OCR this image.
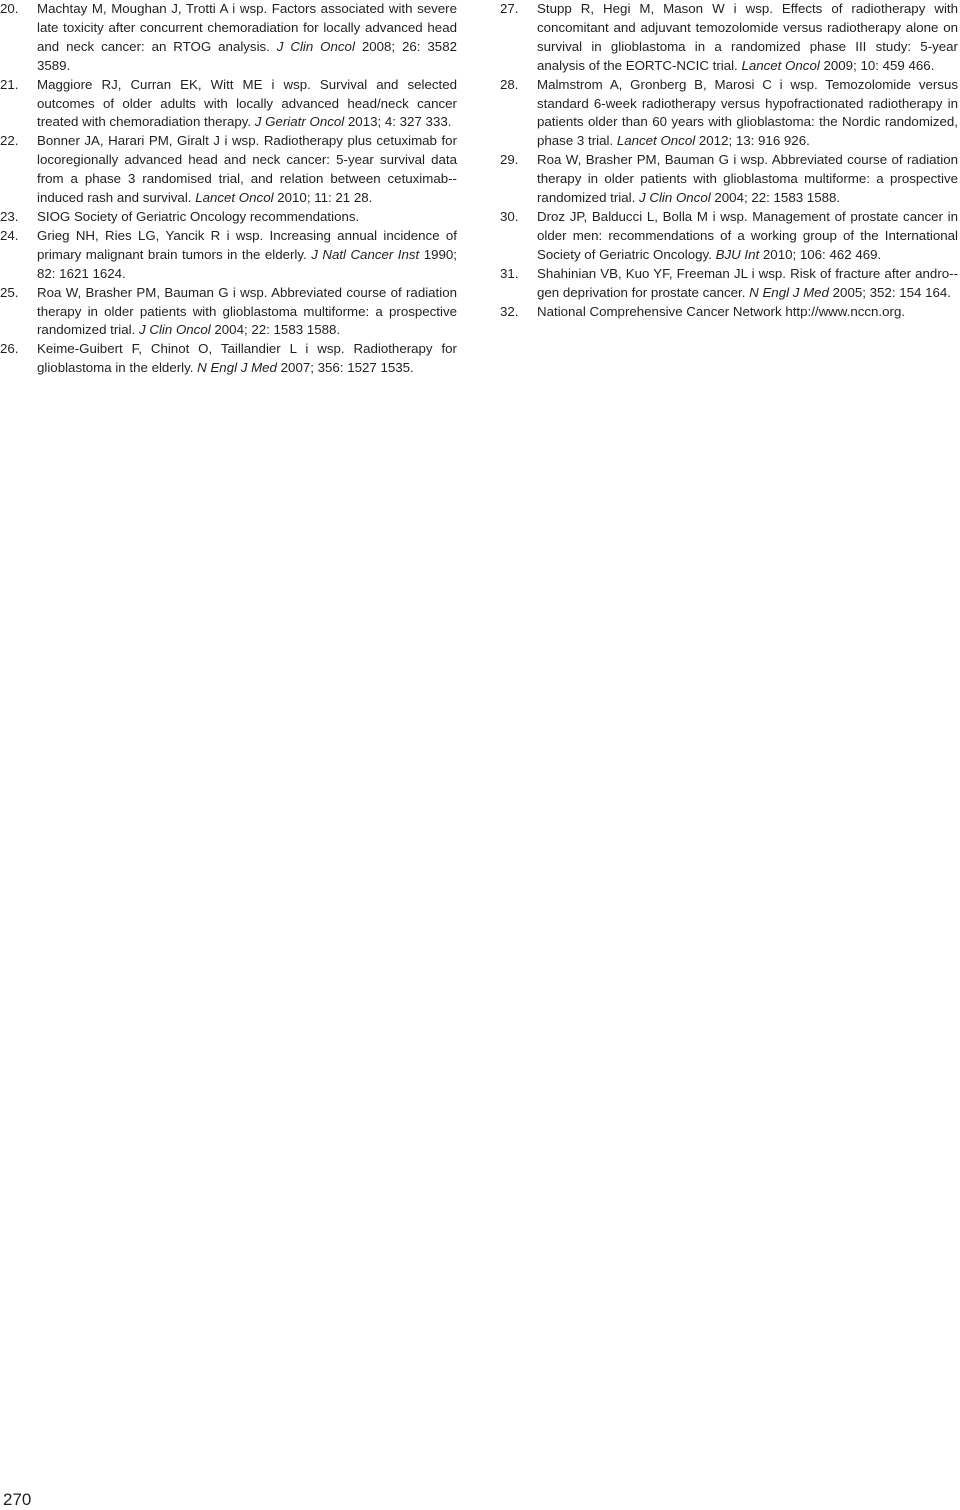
20. Machtay M, Moughan J, Trotti A i wsp. Factors associated with severe late toxicity after concurrent chemoradiation for locally advanced head and neck cancer: an RTOG analysis. J Clin Oncol 2008; 26: 3582 3589.
21. Maggiore RJ, Curran EK, Witt ME i wsp. Survival and selected outcomes of older adults with locally advanced head/neck cancer treated with chemoradiation therapy. J Geriatr Oncol 2013; 4: 327 333.
22. Bonner JA, Harari PM, Giralt J i wsp. Radiotherapy plus cetuximab for locoregionally advanced head and neck cancer: 5-year survival data from a phase 3 randomised trial, and relation between cetuximab--induced rash and survival. Lancet Oncol 2010; 11: 21 28.
23. SIOG Society of Geriatric Oncology recommendations.
24. Grieg NH, Ries LG, Yancik R i wsp. Increasing annual incidence of primary malignant brain tumors in the elderly. J Natl Cancer Inst 1990; 82: 1621 1624.
25. Roa W, Brasher PM, Bauman G i wsp. Abbreviated course of radiation therapy in older patients with glioblastoma multiforme: a prospective randomized trial. J Clin Oncol 2004; 22: 1583 1588.
26. Keime-Guibert F, Chinot O, Taillandier L i wsp. Radiotherapy for glioblastoma in the elderly. N Engl J Med 2007; 356: 1527 1535.
27. Stupp R, Hegi M, Mason W i wsp. Effects of radiotherapy with concomitant and adjuvant temozolomide versus radiotherapy alone on survival in glioblastoma in a randomized phase III study: 5-year analysis of the EORTC-NCIC trial. Lancet Oncol 2009; 10: 459 466.
28. Malmstrom A, Gronberg B, Marosi C i wsp. Temozolomide versus standard 6-week radiotherapy versus hypofractionated radiotherapy in patients older than 60 years with glioblastoma: the Nordic randomized, phase 3 trial. Lancet Oncol 2012; 13: 916 926.
29. Roa W, Brasher PM, Bauman G i wsp. Abbreviated course of radiation therapy in older patients with glioblastoma multiforme: a prospective randomized trial. J Clin Oncol 2004; 22: 1583 1588.
30. Droz JP, Balducci L, Bolla M i wsp. Management of prostate cancer in older men: recommendations of a working group of the International Society of Geriatric Oncology. BJU Int 2010; 106: 462 469.
31. Shahinian VB, Kuo YF, Freeman JL i wsp. Risk of fracture after andro--gen deprivation for prostate cancer. N Engl J Med 2005; 352: 154 164.
32. National Comprehensive Cancer Network http://www.nccn.org.
270
